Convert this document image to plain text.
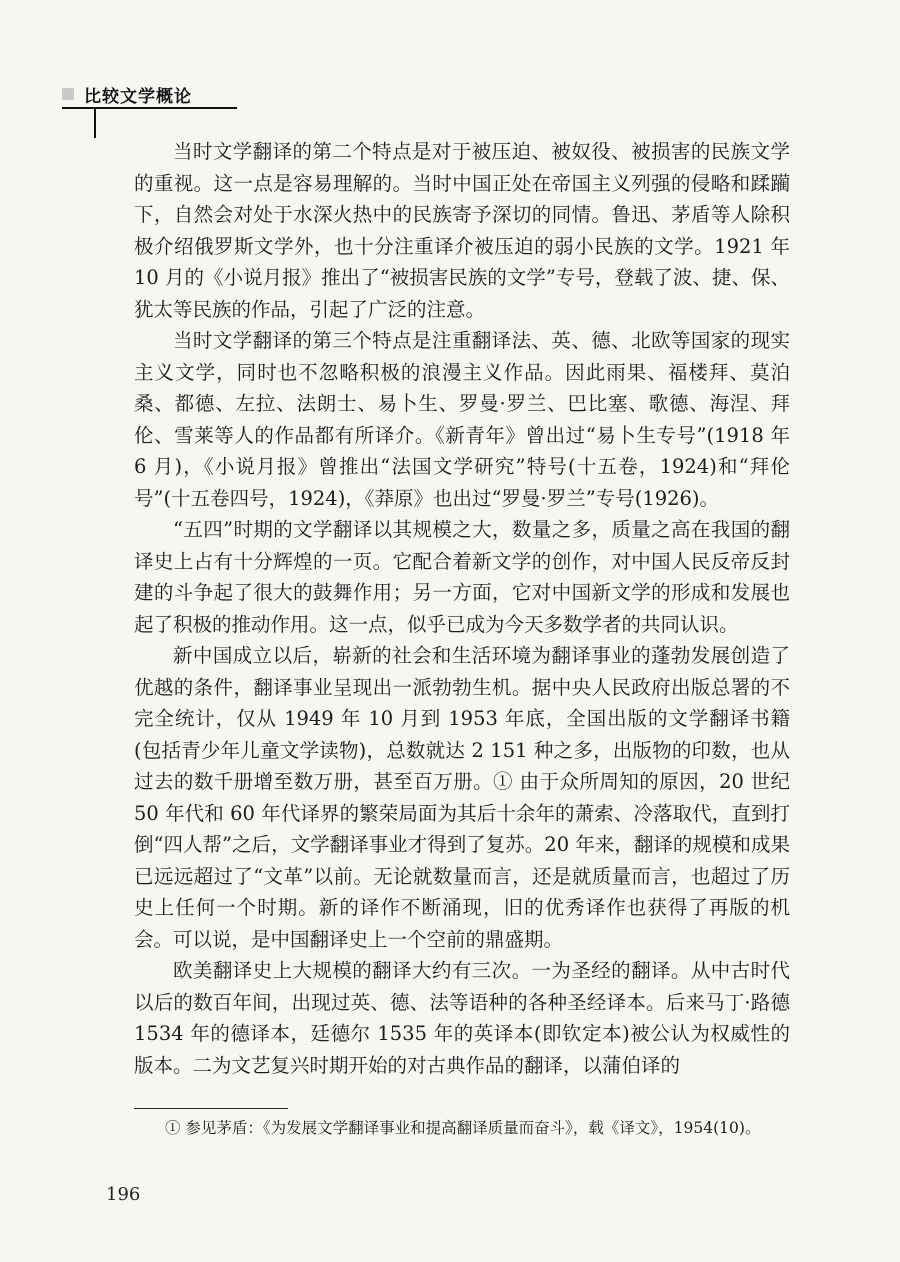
比较文学概论

当时文学翻译的第二个特点是对于被压迫、被奴役、被损害的民族文学的重视。这一点是容易理解的。当时中国正处在帝国主义列强的侵略和蹂躏下，自然会对处于水深火热中的民族寄予深切的同情。鲁迅、茅盾等人除积极介绍俄罗斯文学外，也十分注重译介被压迫的弱小民族的文学。1921 年 10 月的《小说月报》推出了“被损害民族的文学”专号，登载了波、捷、保、犹太等民族的作品，引起了广泛的注意。

当时文学翻译的第三个特点是注重翻译法、英、德、北欧等国家的现实主义文学，同时也不忽略积极的浪漫主义作品。因此雨果、福楼拜、莫泊桑、都德、左拉、法朗士、易卜生、罗曼·罗兰、巴比塞、歌德、海涅、拜伦、雪莱等人的作品都有所译介。《新青年》曾出过“易卜生专号”(1918 年 6 月)，《小说月报》曾推出“法国文学研究”特号(十五卷，1924)和“拜伦号”(十五卷四号，1924)，《莽原》也出过“罗曼·罗兰”专号(1926)。

“五四”时期的文学翻译以其规模之大，数量之多，质量之高在我国的翻译史上占有十分辉煌的一页。它配合着新文学的创作，对中国人民反帝反封建的斗争起了很大的鼓舞作用；另一方面，它对中国新文学的形成和发展也起了积极的推动作用。这一点，似乎已成为今天多数学者的共同认识。

新中国成立以后，崭新的社会和生活环境为翻译事业的蓬勃发展创造了优越的条件，翻译事业呈现出一派勃勃生机。据中央人民政府出版总署的不完全统计，仅从 1949 年 10 月到 1953 年底，全国出版的文学翻译书籍(包括青少年儿童文学读物)，总数就达 2 151 种之多，出版物的印数，也从过去的数千册增至数万册，甚至百万册。① 由于众所周知的原因，20 世纪 50 年代和 60 年代译界的繁荣局面为其后十余年的萧索、冷落取代，直到打倒“四人帮”之后，文学翻译事业才得到了复苏。20 年来，翻译的规模和成果已远远超过了“文革”以前。无论就数量而言，还是就质量而言，也超过了历史上任何一个时期。新的译作不断涌现，旧的优秀译作也获得了再版的机会。可以说，是中国翻译史上一个空前的鼎盛期。

欧美翻译史上大规模的翻译大约有三次。一为圣经的翻译。从中古时代以后的数百年间，出现过英、德、法等语种的各种圣经译本。后来马丁·路德 1534 年的德译本，廷德尔 1535 年的英译本(即钦定本)被公认为权威性的版本。二为文艺复兴时期开始的对古典作品的翻译，以蒲伯译的

① 参见茅盾：《为发展文学翻译事业和提高翻译质量而奋斗》，载《译文》，1954(10)。

196
